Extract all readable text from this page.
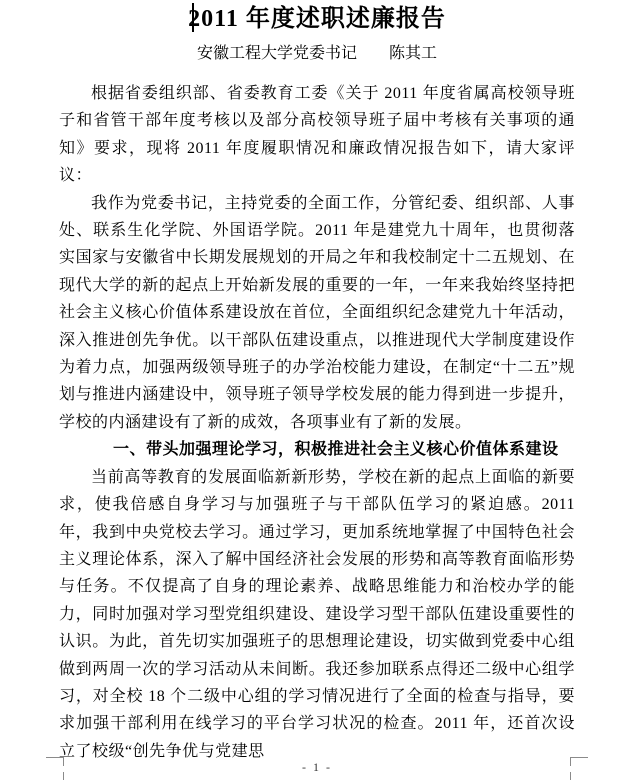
2011 年度述职述廉报告
安徽工程大学党委书记　　陈其工

根据省委组织部、省委教育工委《关于 2011 年度省属高校领导班子和省管干部年度考核以及部分高校领导班子届中考核有关事项的通知》要求，现将 2011 年度履职情况和廉政情况报告如下，请大家评议：

我作为党委书记，主持党委的全面工作，分管纪委、组织部、人事处、联系生化学院、外国语学院。2011 年是建党九十周年，也贯彻落实国家与安徽省中长期发展规划的开局之年和我校制定十二五规划、在现代大学的新的起点上开始新发展的重要的一年，一年来我始终坚持把社会主义核心价值体系建设放在首位，全面组织纪念建党九十年活动，深入推进创先争优。以干部队伍建设重点，以推进现代大学制度建设作为着力点，加强两级领导班子的办学治校能力建设，在制定“十二五”规划与推进内涵建设中，领导班子领导学校发展的能力得到进一步提升，学校的内涵建设有了新的成效，各项事业有了新的发展。

一、带头加强理论学习，积极推进社会主义核心价值体系建设

当前高等教育的发展面临新新形势，学校在新的起点上面临的新要求，使我倍感自身学习与加强班子与干部队伍学习的紧迫感。2011 年，我到中央党校去学习。通过学习，更加系统地掌握了中国特色社会主义理论体系，深入了解中国经济社会发展的形势和高等教育面临形势与任务。不仅提高了自身的理论素养、战略思维能力和治校办学的能力，同时加强对学习型党组织建设、建设学习型干部队伍建设重要性的认识。为此，首先切实加强班子的思想理论建设，切实做到党委中心组做到两周一次的学习活动从未间断。我还参加联系点得还二级中心组学习，对全校 18 个二级中心组的学习情况进行了全面的检查与指导，要求加强干部利用在线学习的平台学习状况的检查。2011 年，还首次设立了校级“创先争优与党建思

- 1 -
